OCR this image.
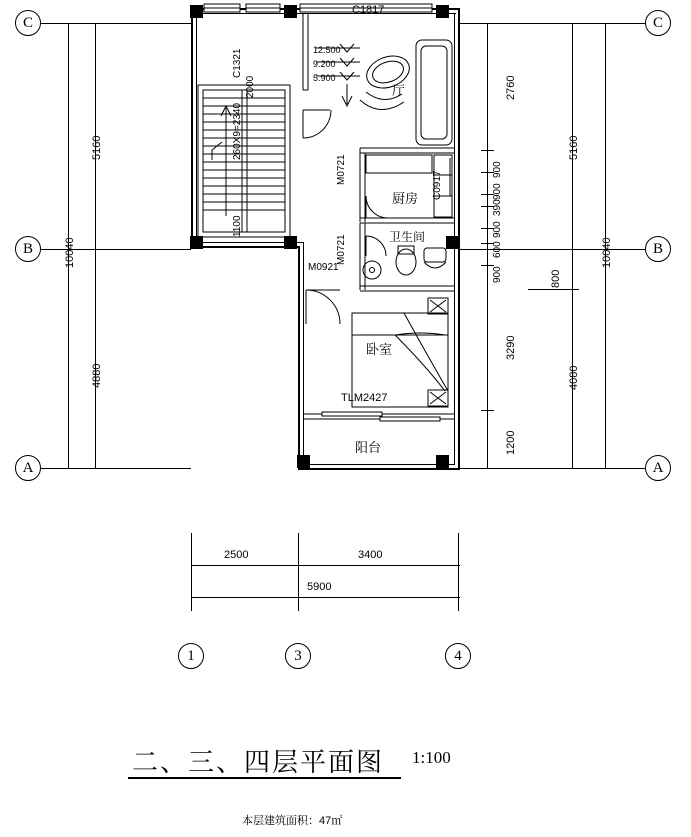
C
B
A
C
B
A
5160
4880
10040
2760
900
900
390
900
600
900
3290
1200
5160
800
4080
10040
C1817
C1321
2000
260X9=2340
1100
12.500
9.200
5.900
厅
厨房
卫生间
卧室
阳台
M0721
M0721
C0917
M0921
TLM2427
2500	3400
5900
1	3	4
二、三、四层平面图 1:100
本层建筑面积：47㎡
